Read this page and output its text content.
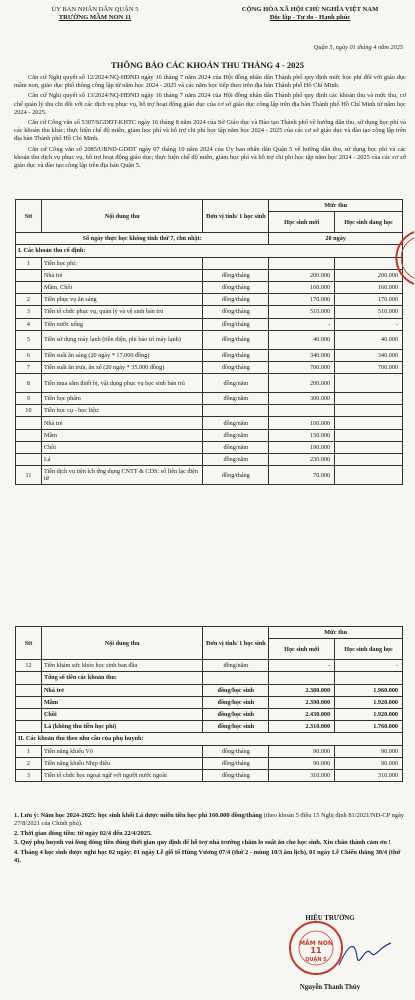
ỦY BAN NHÂN DÂN QUẬN 5
TRƯỜNG MẦM NON 11
CỘNG HÒA XÃ HỘI CHỦ NGHĨA VIỆT NAM
Độc lập - Tự do - Hạnh phúc
Quận 5, ngày 01 tháng 4 năm 2025
THÔNG BÁO CÁC KHOẢN THU THÁNG 4 - 2025

Căn cứ Nghị quyết số 12/2024/NQ-HĐND ngày 16 tháng 7 năm 2024 của Hội đồng nhân dân Thành phố quy định mức học phí đối với giáo dục mầm non, giáo dục phổ thông công lập từ năm học 2024 - 2025 và các năm học tiếp theo trên địa bàn Thành phố Hồ Chí Minh.

Căn cứ Nghị quyết số 13/2024/NQ-HĐND ngày 16 tháng 7 năm 2024 của Hội đồng nhân dân Thành phố quy định các khoản thu và mức thu, cơ chế quản lý thu chi đối với các dịch vụ phục vụ, hỗ trợ hoạt động giáo dục của cơ sở giáo dục công lập trên địa bàn Thành phố Hồ Chí Minh từ năm học 2024 - 2025.

Căn cứ Công văn số 5307/SGDĐT-KHTC ngày 16 tháng 8 năm 2024 của Sở Giáo dục và Đào tạo Thành phố về hướng dẫn thu, sử dụng học phí và các khoản thu khác; thực hiện chế độ miễn, giảm học phí và hỗ trợ chi phí học tập năm học 2024 - 2025 của các cơ sở giáo dục và đào tạo công lập trên địa bàn Thành phố Hồ Chí Minh.

Căn cứ Công văn số 2085/UBND-GDĐT ngày 07 tháng 10 năm 2024 của Ủy ban nhân dân Quận 5 về hướng dẫn thu, sử dụng học phí và các khoản thu dịch vụ phục vụ, hỗ trợ hoạt động giáo dục; thực hiện chế độ miễn, giảm học phí và hỗ trợ chi phí học tập năm học 2024 - 2025 của các cơ sở giáo dục và đào tạo công lập trên địa bàn Quận 5.

Stt	Nội dung thu	Đơn vị tính/ 1 học sinh	Mức thu	
			Học sinh mới	Học sinh đang học
Số ngày thực học không tính thứ 7, chủ nhật:			20 ngày	
I. Các khoản thu cố định:				
1	Tiền học phí:			
	Nhà trẻ	đồng/tháng	200.000	200.000
	Mầm, Chồi	đồng/tháng	160.000	160.000
2	Tiền phục vụ ăn sáng	đồng/tháng	170.000	170.000
3	Tiền tổ chức phục vụ, quản lý và vệ sinh bán trú	đồng/tháng	510.000	510.000
4	Tiền nước uống	đồng/tháng	-	-
5	Tiền sử dụng máy lạnh (tiền điện, phí bảo trì máy lạnh)	đồng/tháng	40.000	40.000
6	Tiền suất ăn sáng (20 ngày * 17.000 đồng)	đồng/tháng	340.000	340.000
7	Tiền suất ăn trưa, ăn xế (20 ngày * 35.000 đồng)	đồng/tháng	700.000	700.000
8	Tiền mua sắm thiết bị, vật dụng phục vụ học sinh bán trú	đồng/năm	200.000	
9	Tiền học phẩm	đồng/năm	300.000	
10	Tiền học cụ - học liệu:			
	Nhà trẻ	đồng/năm	100.000	
	Mầm	đồng/năm	150.000	
	Chồi	đồng/năm	190.000	
	Lá	đồng/năm	230.000	
11	Tiền dịch vụ tiện ích ứng dụng CNTT & CDS: sổ liên lạc điện tử	đồng/tháng	70.000	
Stt	Nội dung thu	Đơn vị tính/ 1 học sinh	Mức thu	
			Học sinh mới	Học sinh đang học
12	Tiền khám sức khỏe học sinh ban đầu	đồng/năm	-	-
	Tổng số tiền các khoản thu:			
	Nhà trẻ	đồng/học sinh	2.380.000	1.960.000
	Mầm	đồng/học sinh	2.390.000	1.920.000
	Chồi	đồng/học sinh	2.430.000	1.920.000
	Lá (không thu tiền học phí)	đồng/học sinh	2.310.000	1.760.000
II. Các khoản thu theo nhu cầu của phụ huynh:				
1	Tiền năng khiếu Võ	đồng/tháng	90.000	90.000
2	Tiền năng khiếu Nhịp điệu	đồng/tháng	90.000	90.000
3	Tiền tổ chức học ngoại ngữ với người nước ngoài	đồng/tháng	310.000	310.000

1. Lưu ý: Năm học 2024-2025: học sinh khối Lá được miễn tiền học phí 160.000 đồng/tháng (theo khoản 5 điều 15 Nghị định 81/2021/NĐ-CP ngày 27/8/2021 của Chính phủ).

2. Thời gian đóng tiền: từ ngày 02/4 đến 22/4/2025.

3. Quý phụ huynh vui lòng đóng tiền đúng thời gian quy định để hỗ trợ nhà trường chăm lo suất ăn cho học sinh. Xin chân thành cảm ơn !

4. Tháng 4 học sinh được nghỉ học 02 ngày: 01 ngày Lễ giỗ tổ Hùng Vương 07/4 (thứ 2 - mùng 10/3 âm lịch), 01 ngày Lễ Chiến thắng 30/4 (thứ 4).

HIỆU TRƯỞNG
Nguyễn Thanh Thúy
MẦM NON
11
QUẬN 5
